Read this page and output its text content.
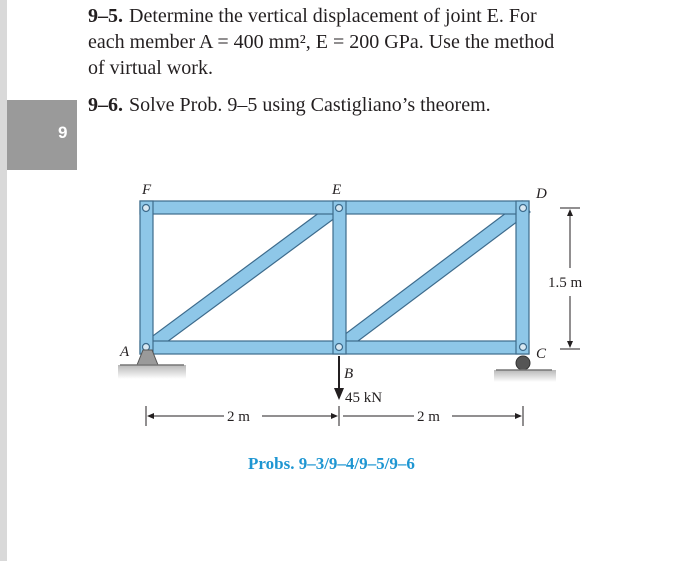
9
9–5. Determine the vertical displacement of joint E. For
each member A = 400 mm², E = 200 GPa. Use the method
of virtual work.
9–6. Solve Prob. 9–5 using Castigliano’s theorem.
F	E	D
A
B
C
45 kN
1.5 m
2 m	2 m
Probs. 9–3/9–4/9–5/9–6
